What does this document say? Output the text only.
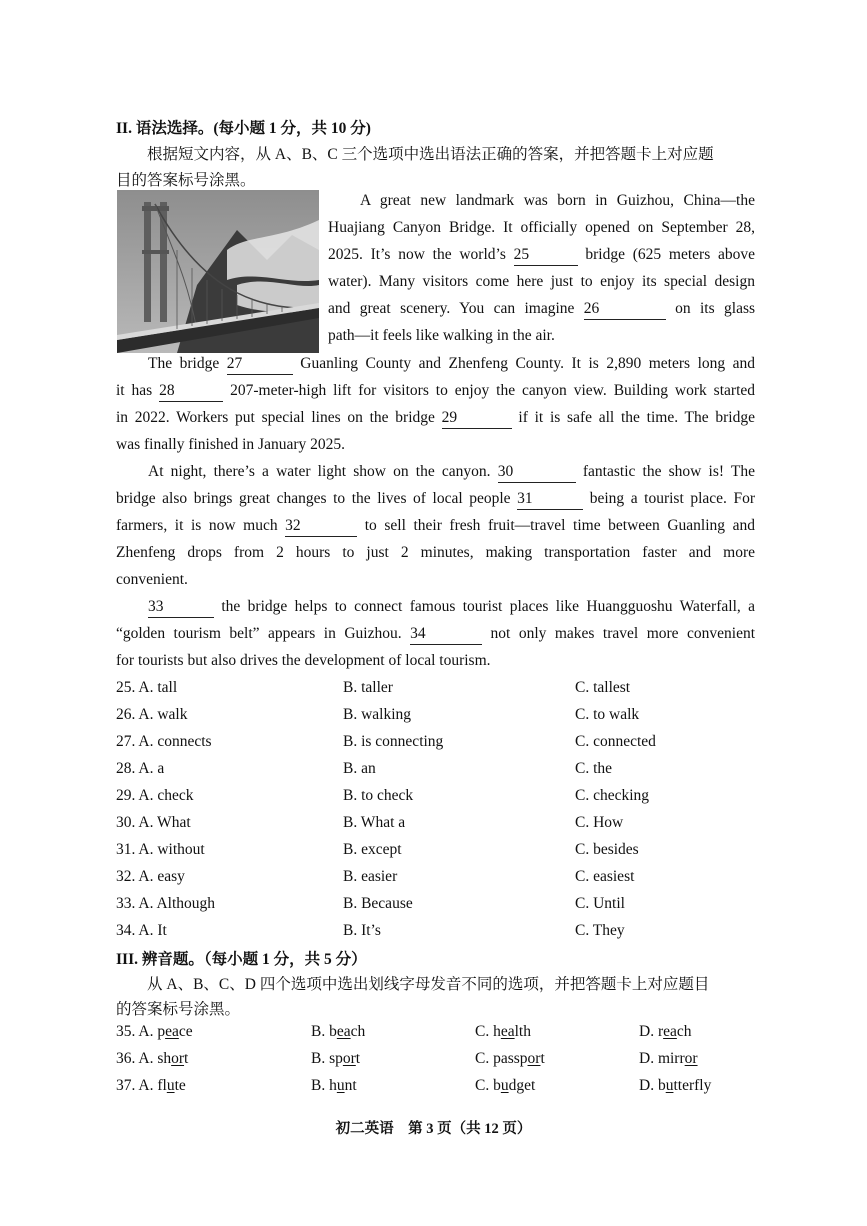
II. 语法选择。(每小题 1 分，共 10 分)
根据短文内容，从 A、B、C 三个选项中选出语法正确的答案，并把答题卡上对应题
目的答案标号涂黑。
A great new landmark was born in Guizhou, China—the
Huajiang Canyon Bridge. It officially opened on September 28,
2025. It’s now the world’s 25	bridge (625 meters above
water). Many visitors come here just to enjoy its special design
and great scenery. You can imagine 26	on its glass
path—it feels like walking in the air.
The bridge 27	Guanling County and Zhenfeng County. It is 2,890 meters long and
it has 28	207-meter-high lift for visitors to enjoy the canyon view. Building work started
in 2022. Workers put special lines on the bridge 29	if it is safe all the time. The bridge
was finally finished in January 2025.
At night, there’s a water light show on the canyon. 30	fantastic the show is! The
bridge also brings great changes to the lives of local people 31	being a tourist place. For
farmers, it is now much 32	to sell their fresh fruit—travel time between Guanling and
Zhenfeng drops from 2 hours to just 2 minutes, making transportation faster and more
convenient.
33	the bridge helps to connect famous tourist places like Huangguoshu Waterfall, a
“golden tourism belt” appears in Guizhou. 34	not only makes travel more convenient
for tourists but also drives the development of local tourism.
25. A. tall	B. taller	C. tallest
26. A. walk	B. walking	C. to walk
27. A. connects	B. is connecting	C. connected
28. A. a	B. an	C. the
29. A. check	B. to check	C. checking
30. A. What	B. What a	C. How
31. A. without	B. except	C. besides
32. A. easy	B. easier	C. easiest
33. A. Although	B. Because	C. Until
34. A. It	B. It’s	C. They
III. 辨音题。（每小题 1 分，共 5 分）
从 A、B、C、D 四个选项中选出划线字母发音不同的选项，并把答题卡上对应题目
的答案标号涂黑。
35. A. peace	B. beach	C. health	D. reach
36. A. short	B. sport	C. passport	D. mirror
37. A. flute	B. hunt	C. budget	D. butterfly
初二英语　第 3 页（共 12 页）
